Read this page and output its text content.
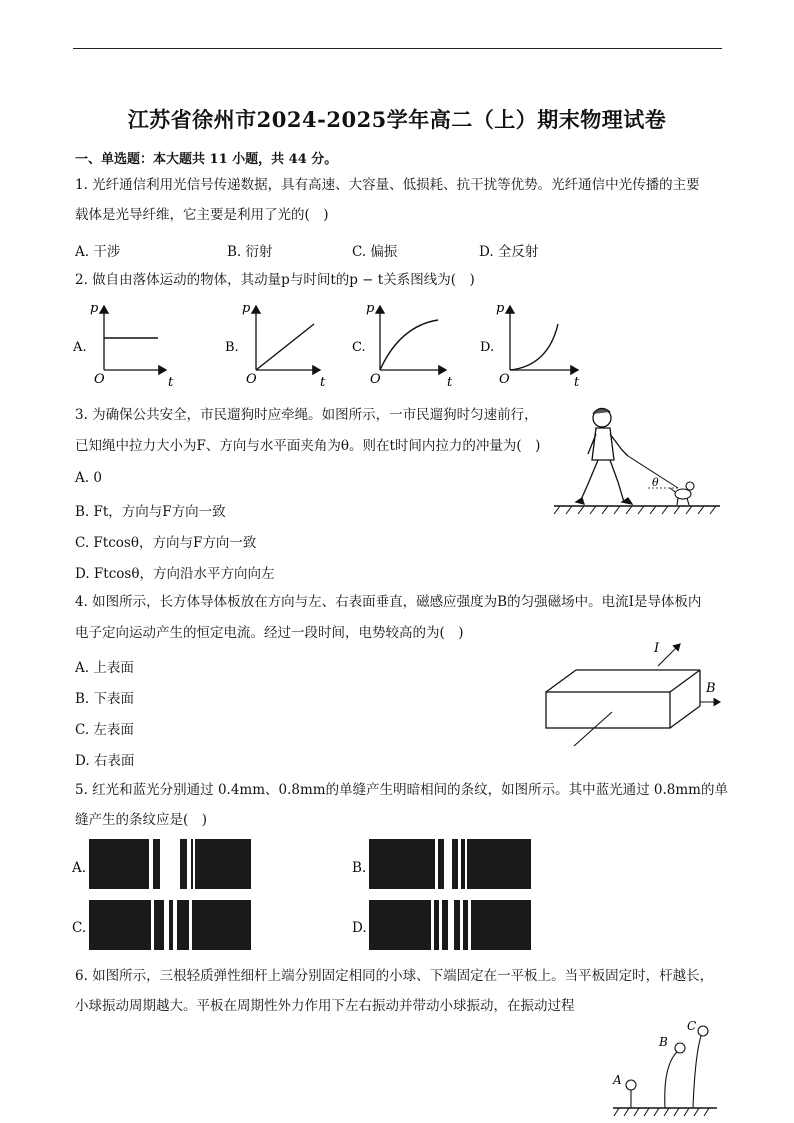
江苏省徐州市2024-2025学年高二（上）期末物理试卷
一、单选题：本大题共 11 小题，共 44 分。
1. 光纤通信利用光信号传递数据，具有高速、大容量、低损耗、抗干扰等优势。光纤通信中光传播的主要
载体是光导纤维，它主要是利用了光的(　)
A. 干涉	B. 衍射	C. 偏振	D. 全反射
2. 做自由落体运动的物体，其动量p与时间t的p − t关系图线为(　)
A.
p
t
O
B.
p
t
O
C.
p
t
O
D.
p
t
O
3. 为确保公共安全，市民遛狗时应牵绳。如图所示，一市民遛狗时匀速前行，
已知绳中拉力大小为F、方向与水平面夹角为θ。则在t时间内拉力的冲量为(　)
A. 0
B. Ft，方向与F方向一致
C. Ftcosθ，方向与F方向一致
D. Ftcosθ，方向沿水平方向向左
θ
4. 如图所示，长方体导体板放在方向与左、右表面垂直，磁感应强度为B的匀强磁场中。电流I是导体板内
电子定向运动产生的恒定电流。经过一段时间，电势较高的为(　)
A. 上表面
B. 下表面
C. 左表面
D. 右表面
I
B
5. 红光和蓝光分别通过 0.4mm、0.8mm的单缝产生明暗相间的条纹，如图所示。其中蓝光通过 0.8mm的单
缝产生的条纹应是(　)
A.	B.
C.	D.
6. 如图所示，三根轻质弹性细杆上端分别固定相同的小球、下端固定在一平板上。当平板固定时，杆越长，
小球振动周期越大。平板在周期性外力作用下左右振动并带动小球振动，在振动过程
A
B
C
